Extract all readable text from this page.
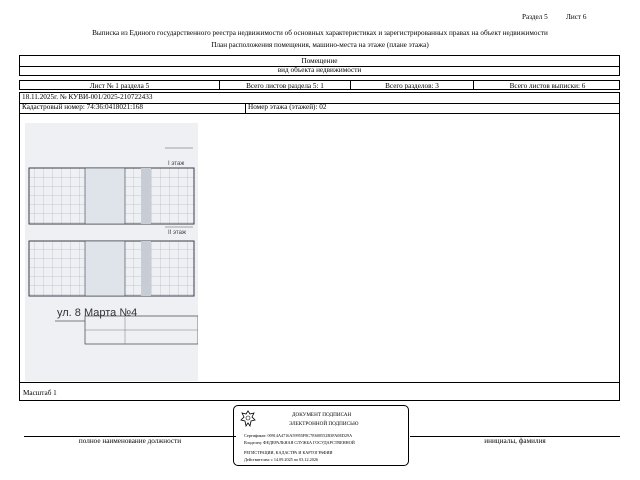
Раздел 5	Лист 6
Выписка из Единого государственного реестра недвижимости об основных характеристиках и зарегистрированных правах на объект недвижимости
План расположения помещения, машино-места на этаже (плане этажа)
Помещение
вид объекта недвижимости
Лист № 1 раздела 5	Всего листов раздела 5: 1	Всего разделов: 3	Всего листов выписки: 6
18.11.2025г. № КУВИ-001/2025-210722433
Кадастровый номер: 74:36:0418021:168	Номер этажа (этажей): 02
Масштаб 1
I этаж
II этаж
ул. 8 Марта №4
полное наименование должности	инициалы, фамилия
ДОКУМЕНТ ПОДПИСАН
ЭЛЕКТРОННОЙ ПОДПИСЬЮ
Сертификат: 00914A4716A59955F8C7E600552B3FA0ED29A
Владелец: ФЕДЕРАЛЬНАЯ СЛУЖБА ГОСУДАРСТВЕННОЙ
РЕГИСТРАЦИИ, КАДАСТРА И КАРТОГРАФИИ
Действителен: с 14.09.2025 по 03.12.2026
